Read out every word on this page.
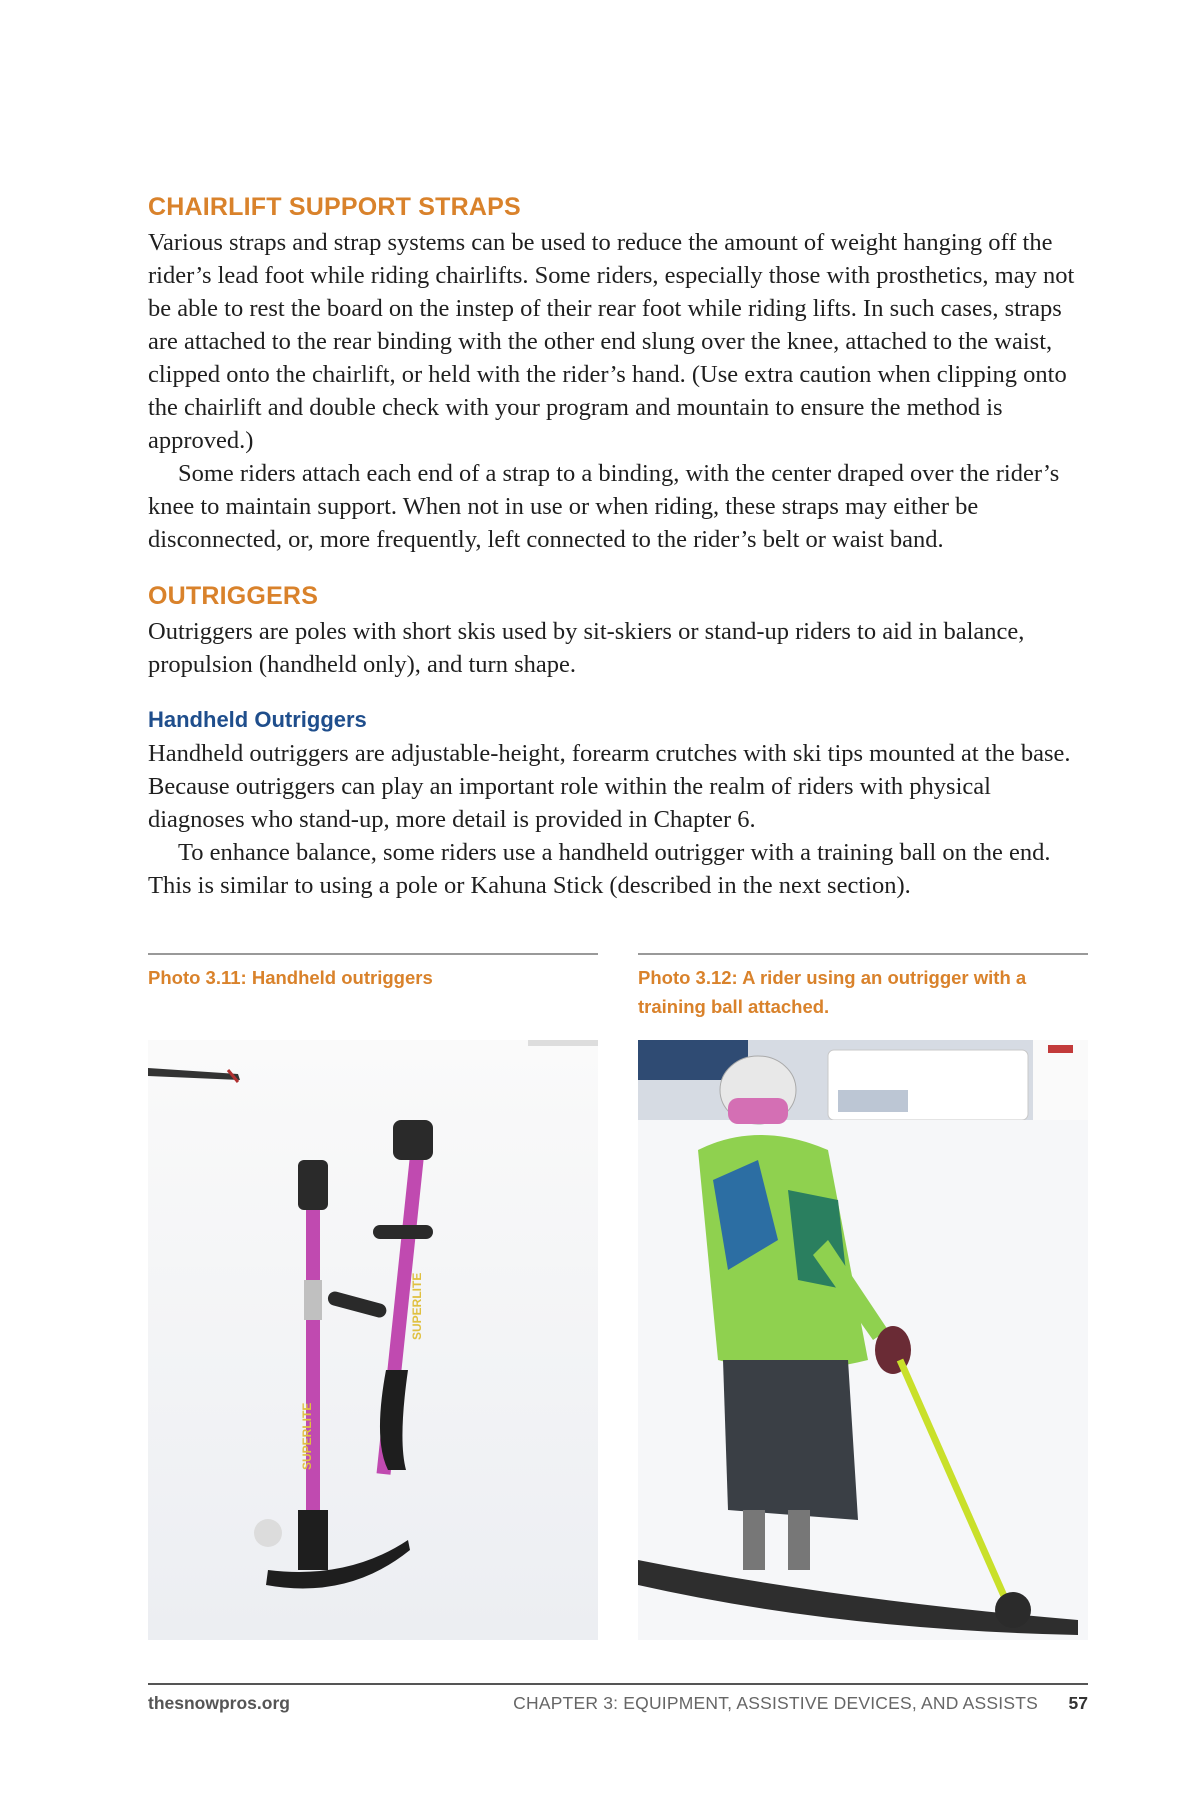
CHAIRLIFT SUPPORT STRAPS

Various straps and strap systems can be used to reduce the amount of weight hanging off the rider’s lead foot while riding chairlifts. Some riders, especially those with prosthetics, may not be able to rest the board on the instep of their rear foot while riding lifts. In such cases, straps are attached to the rear binding with the other end slung over the knee, attached to the waist, clipped onto the chairlift, or held with the rider’s hand. (Use extra caution when clipping onto the chairlift and double check with your program and mountain to ensure the method is approved.)

Some riders attach each end of a strap to a binding, with the center draped over the rider’s knee to maintain support. When not in use or when riding, these straps may either be disconnected, or, more frequently, left connected to the rider’s belt or waist band.

OUTRIGGERS

Outriggers are poles with short skis used by sit-skiers or stand-up riders to aid in balance, propulsion (handheld only), and turn shape.

Handheld Outriggers

Handheld outriggers are adjustable-height, forearm crutches with ski tips mounted at the base. Because outriggers can play an important role within the realm of riders with physical diagnoses who stand-up, more detail is provided in Chapter 6.

To enhance balance, some riders use a handheld outrigger with a training ball on the end. This is similar to using a pole or Kahuna Stick (described in the next section).

Photo 3.11: Handheld outriggers
SUPERLITE
SUPERLITE
Photo 3.12: A rider using an outrigger with a training ball attached.
thesnowpros.org	CHAPTER 3: EQUIPMENT, ASSISTIVE DEVICES, AND ASSISTS 57
